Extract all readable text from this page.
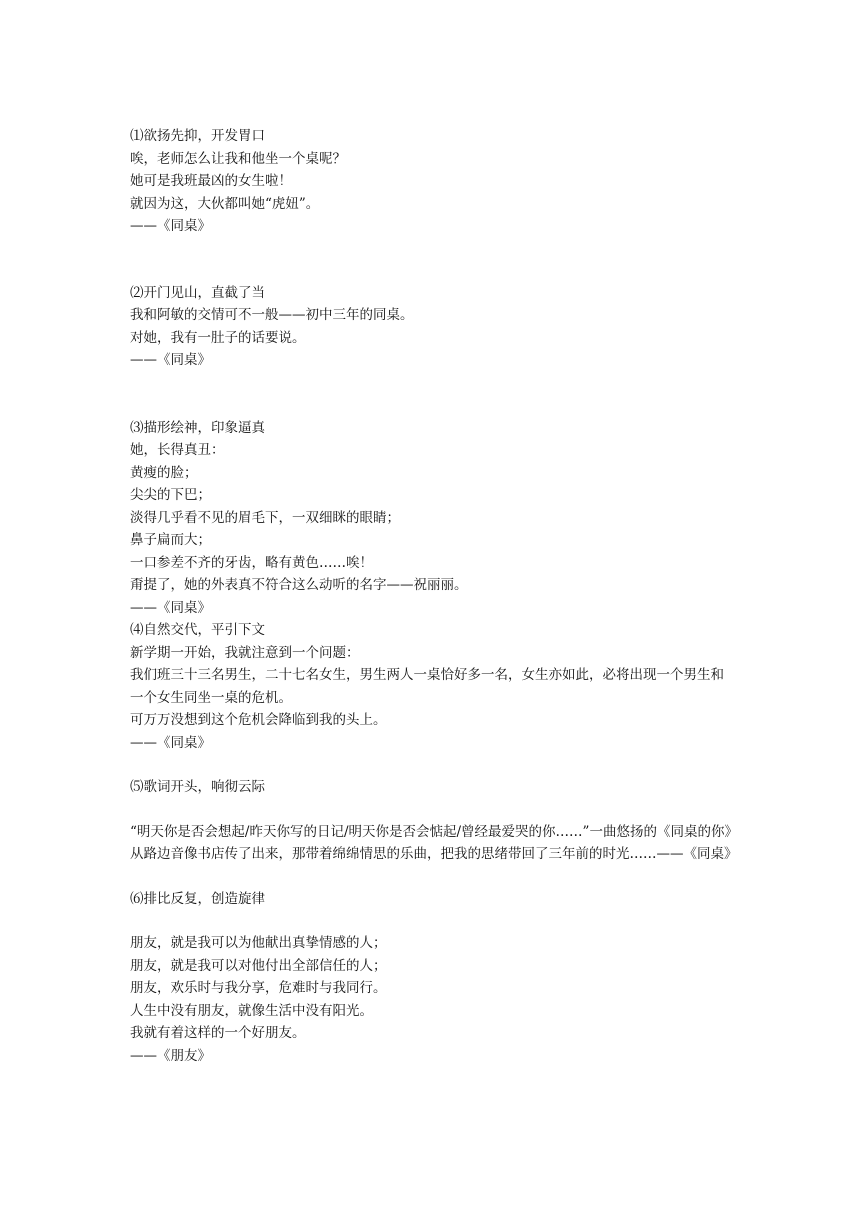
⑴欲扬先抑，开发胃口
唉，老师怎么让我和他坐一个桌呢？
她可是我班最凶的女生啦！
就因为这，大伙都叫她“虎妞”。
——《同桌》
⑵开门见山，直截了当
我和阿敏的交情可不一般——初中三年的同桌。
对她，我有一肚子的话要说。
——《同桌》
⑶描形绘神，印象逼真
她，长得真丑：
黄瘦的脸；
尖尖的下巴；
淡得几乎看不见的眉毛下，一双细眯的眼睛；
鼻子扁而大；
一口参差不齐的牙齿，略有黄色……唉！
甭提了，她的外表真不符合这么动听的名字——祝丽丽。
——《同桌》
⑷自然交代，平引下文
新学期一开始，我就注意到一个问题：
我们班三十三名男生，二十七名女生，男生两人一桌恰好多一名，女生亦如此，必将出现一个男生和一个女生同坐一桌的危机。
可万万没想到这个危机会降临到我的头上。
——《同桌》
⑸歌词开头，响彻云际
“明天你是否会想起/昨天你写的日记/明天你是否会惦起/曾经最爱哭的你……”一曲悠扬的《同桌的你》从路边音像书店传了出来，那带着绵绵情思的乐曲，把我的思绪带回了三年前的时光……——《同桌》
⑹排比反复，创造旋律
朋友，就是我可以为他献出真挚情感的人；
朋友，就是我可以对他付出全部信任的人；
朋友，欢乐时与我分享，危难时与我同行。
人生中没有朋友，就像生活中没有阳光。
我就有着这样的一个好朋友。
——《朋友》
